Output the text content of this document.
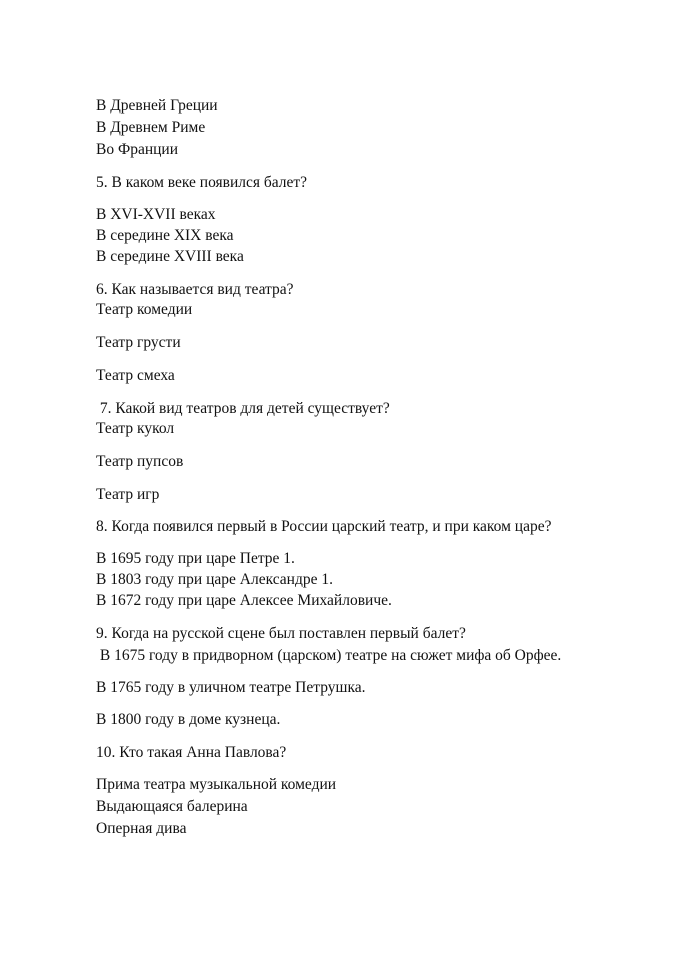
В Древней Греции
В Древнем Риме
Во Франции
5. В каком веке появился балет?
В XVI-XVII веках
В середине XIX века
В середине XVIII века
6. Как называется вид театра?
Театр комедии
Театр грусти
Театр смеха
7. Какой вид театров для детей существует?
Театр кукол
Театр пупсов
Театр игр
8. Когда появился первый в России царский театр, и при каком царе?
В 1695 году при царе Петре 1.
В 1803 году при царе Александре 1.
В 1672 году при царе Алексее Михайловиче.
9. Когда на русской сцене был поставлен первый балет?
В 1675 году в придворном (царском) театре на сюжет мифа об Орфее.
В 1765 году в уличном театре Петрушка.
В 1800 году в доме кузнеца.
10. Кто такая Анна Павлова?
Прима театра музыкальной комедии
Выдающаяся балерина
Оперная дива
